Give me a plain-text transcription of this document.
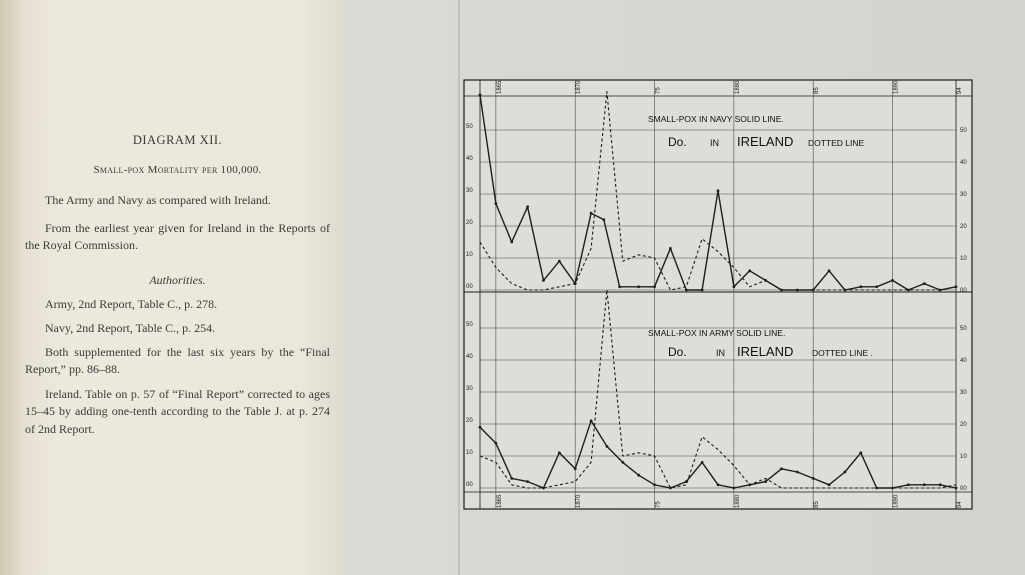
DIAGRAM XII.
Small-pox Mortality per 100,000.
The Army and Navy as compared with Ireland.
From the earliest year given for Ireland in the Reports of the Royal Commission.
Authorities.
Army, 2nd Report, Table C., p. 278.
Navy, 2nd Report, Table C., p. 254.
Both supplemented for the last six years by the “Final Report,” pp. 86–88.
Ireland. Table on p. 57 of “Final Report” corrected to ages 15–45 by adding one-tenth according to the Table J. at p. 274 of 2nd Report.
50
50
40
40
30
30
20
20
10
10
00
00
1865	1870	75	1880	85	1890	94
50
50
40
40
30
30
20
20
10
10
00
00
1865	1870	75	1880	85	1890	94
SMALL-POX IN NAVY SOLID LINE.
Do.	IN IRELAND DOTTED LINE
SMALL-POX IN ARMY SOLID LINE.
Do.	IN IRELAND DOTTED LINE .
